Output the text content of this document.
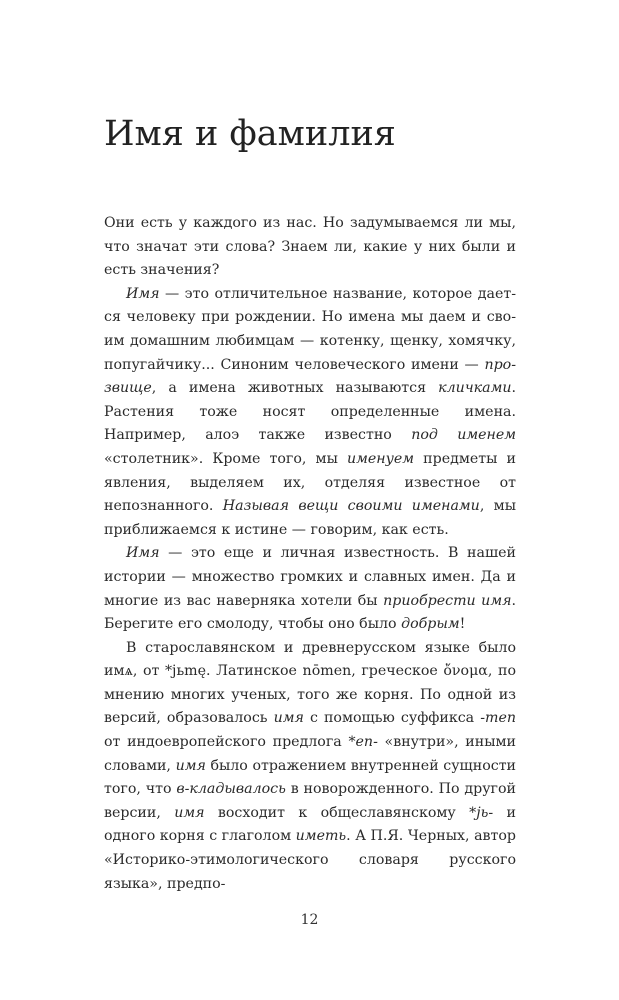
Имя и фамилия

Они есть у каждого из нас. Но задумываемся ли мы, что значат эти слова? Знаем ли, какие у них были и есть значения?

Имя — это отличительное название, которое дается человеку при рождении. Но имена мы даем и своим домашним любимцам — котенку, щенку, хомячку, попугайчику... Синоним человеческого имени — прозвище, а имена животных называются кличками. Растения тоже носят определенные имена. Например, алоэ также известно под именем «столетник». Кроме того, мы именуем предметы и явления, выделяем их, отделяя известное от непознанного. Называя вещи своими именами, мы приближаемся к истине — говорим, как есть.

Имя — это еще и личная известность. В нашей истории — множество громких и славных имен. Да и многие из вас наверняка хотели бы приобрести имя. Берегите его смолоду, чтобы оно было добрым!

В старославянском и древнерусском языке было имѧ, от *jьmę. Латинское nōmen, греческое ὄνομα, по мнению многих ученых, того же корня. По одной из версий, образовалось имя с помощью суффикса -men от индоевропейского предлога *en- «внутри», иными словами, имя было отражением внутренней сущности того, что в-кладывалось в новорожденного. По другой версии, имя восходит к общеславянскому *jь- и одного корня с глаголом иметь. А П.Я. Черных, автор «Историко-этимологического словаря русского языка», предпо-

12
